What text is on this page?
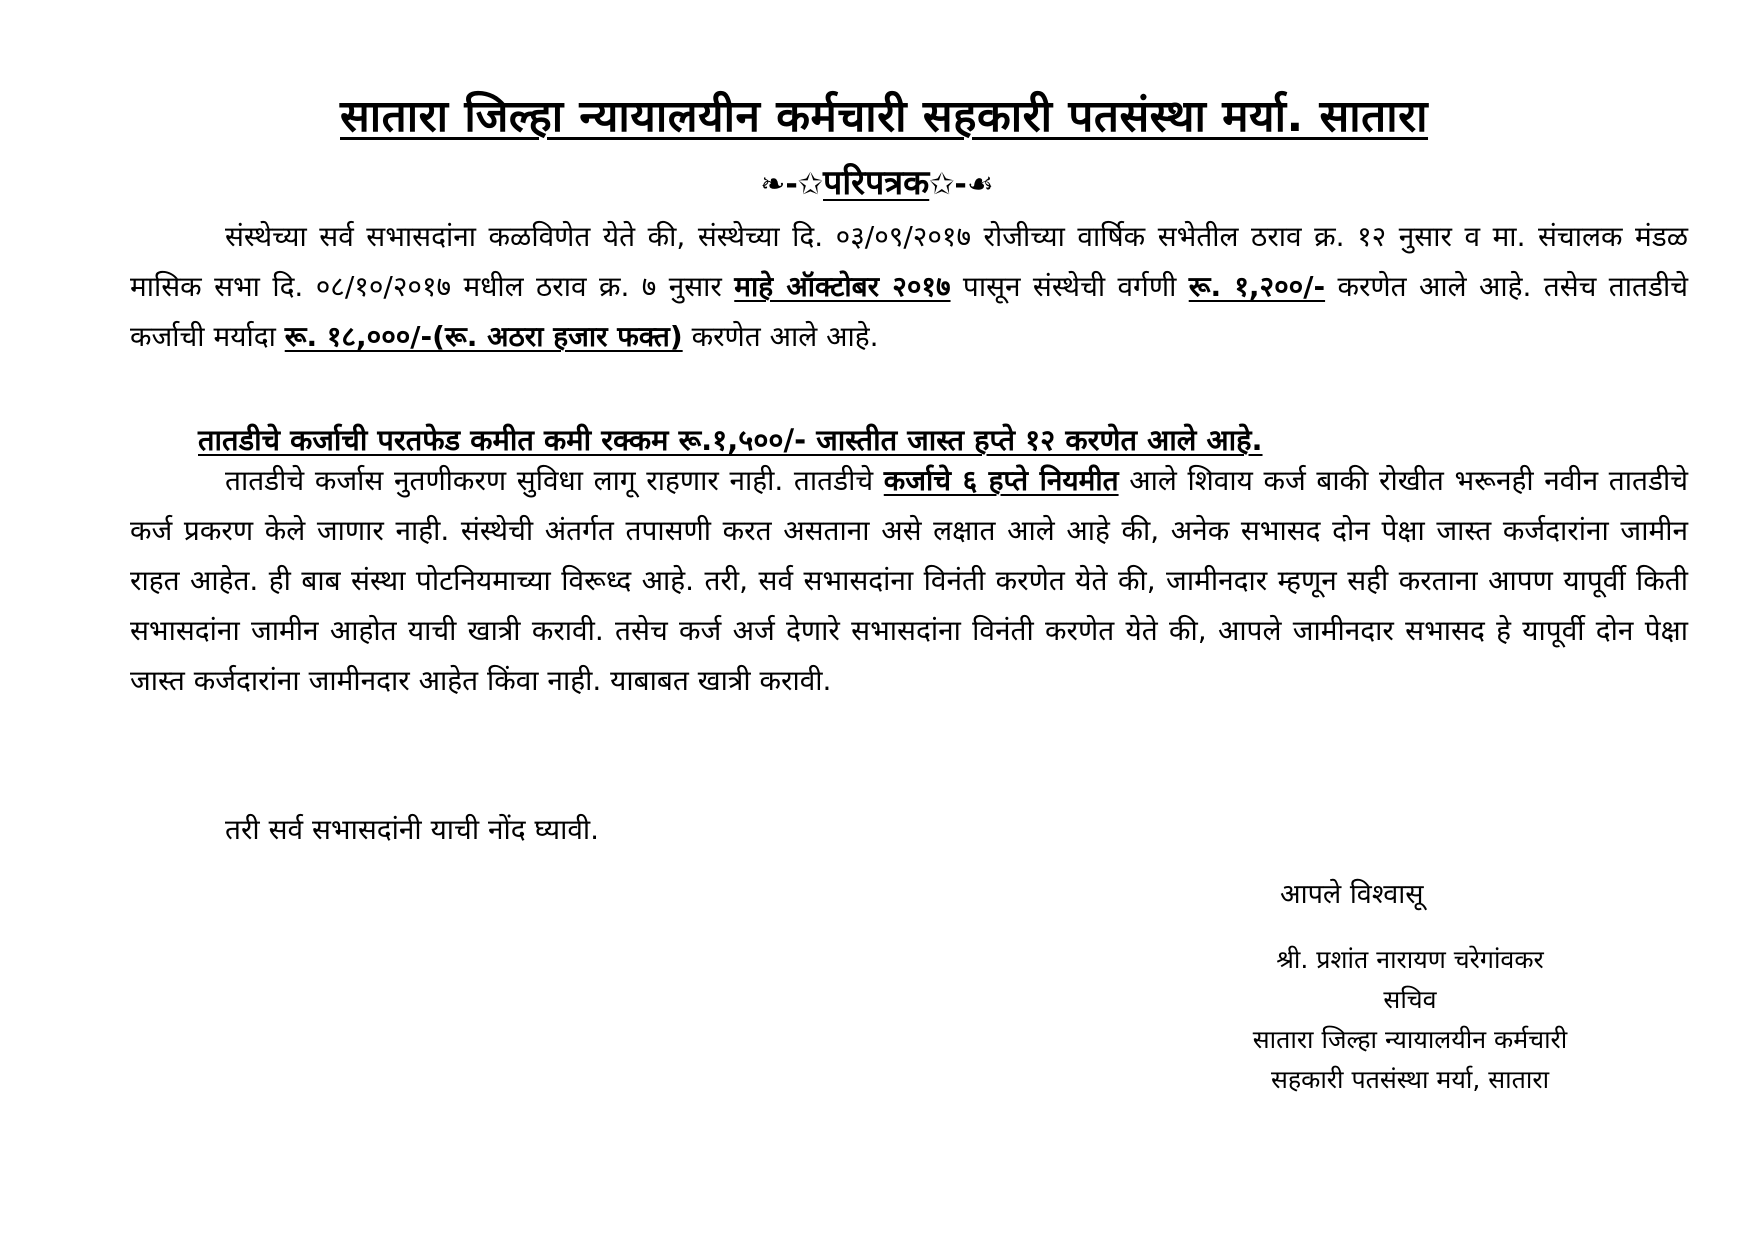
सातारा जिल्हा न्यायालयीन कर्मचारी सहकारी पतसंस्था मर्या. सातारा
❧-✩परिपत्रक✩-☙
संस्थेच्या सर्व सभासदांना कळविणेत येते की, संस्थेच्या दि. ०३/०९/२०१७ रोजीच्या वार्षिक सभेतील ठराव क्र. १२ नुसार व मा. संचालक मंडळ मासिक सभा दि. ०८/१०/२०१७ मधील ठराव क्र. ७ नुसार माहे ऑक्टोबर २०१७ पासून संस्थेची वर्गणी रू. १,२००/- करणेत आले आहे. तसेच तातडीचे कर्जाची मर्यादा रू. १८,०००/-(रू. अठरा हजार फक्त) करणेत आले आहे.
तातडीचे कर्जाची परतफेड कमीत कमी रक्कम रू.१,५००/- जास्तीत जास्त हप्ते १२ करणेत आले आहे.
तातडीचे कर्जास नुतणीकरण सुविधा लागू राहणार नाही. तातडीचे कर्जाचे ६ हप्ते नियमीत आले शिवाय कर्ज बाकी रोखीत भरूनही नवीन तातडीचे कर्ज प्रकरण केले जाणार नाही. संस्थेची अंतर्गत तपासणी करत असताना असे लक्षात आले आहे की, अनेक सभासद दोन पेक्षा जास्त कर्जदारांना जामीन राहत आहेत. ही बाब संस्था पोटनियमाच्या विरूध्द आहे. तरी, सर्व सभासदांना विनंती करणेत येते की, जामीनदार म्हणून सही करताना आपण यापूर्वी किती सभासदांना जामीन आहोत याची खात्री करावी. तसेच कर्ज अर्ज देणारे सभासदांना विनंती करणेत येते की, आपले जामीनदार सभासद हे यापूर्वी दोन पेक्षा जास्त कर्जदारांना जामीनदार आहेत किंवा नाही. याबाबत खात्री करावी.
तरी सर्व सभासदांनी याची नोंद घ्यावी.
आपले विश्वासू
श्री. प्रशांत नारायण चरेगांवकर
सचिव
सातारा जिल्हा न्यायालयीन कर्मचारी
सहकारी पतसंस्था मर्या, सातारा
